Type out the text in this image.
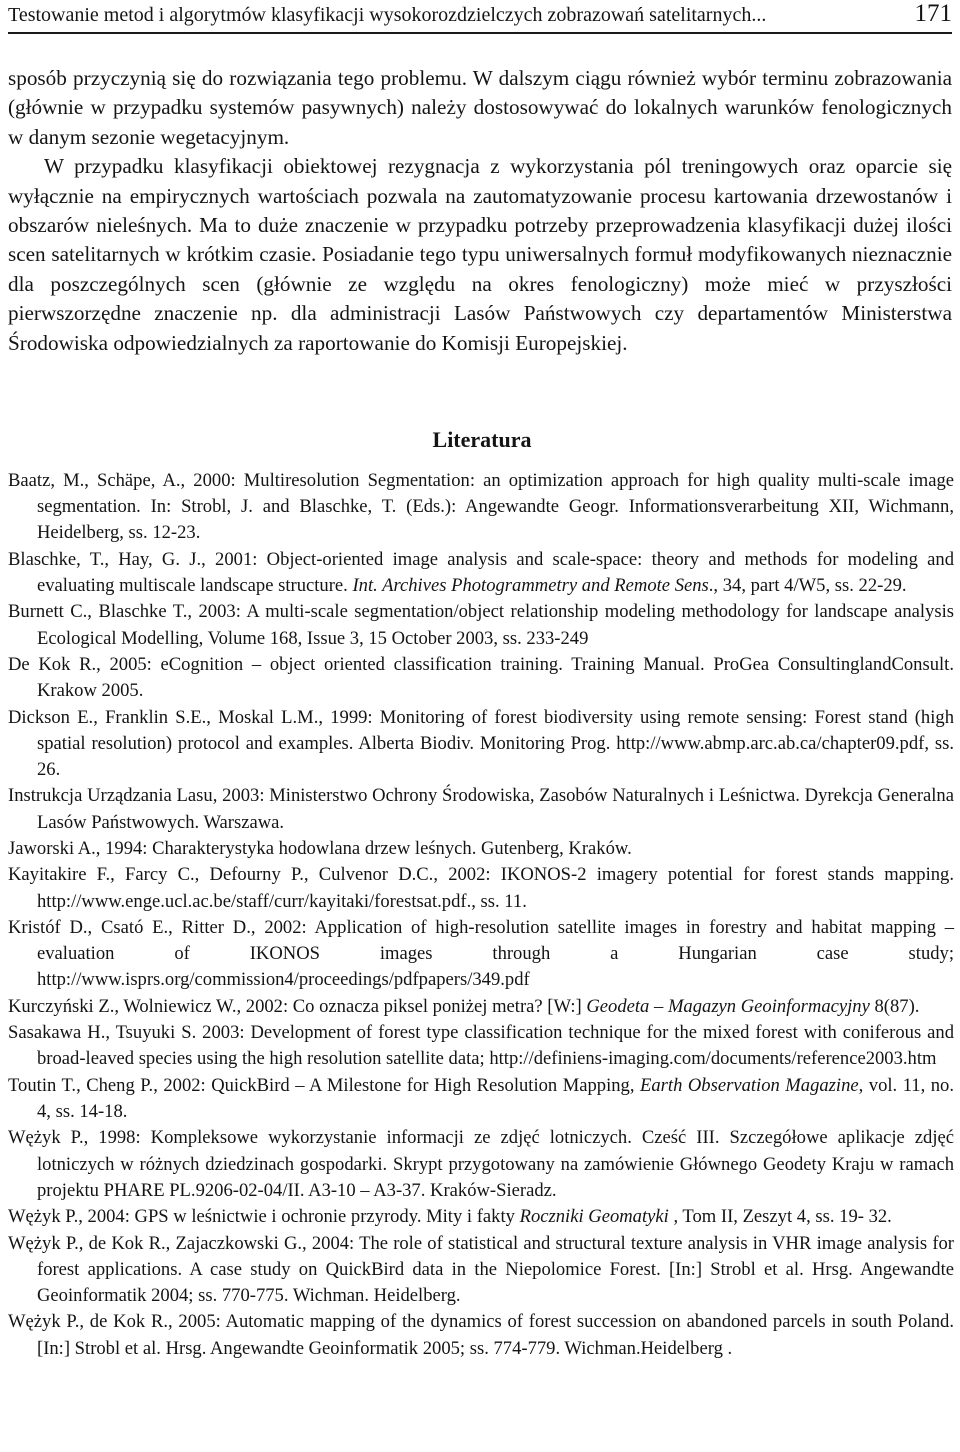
Testowanie metod i algorytmów klasyfikacji wysokorozdzielczych zobrazowań satelitarnych...	171

sposób przyczynią się do rozwiązania tego problemu. W dalszym ciągu również wybór terminu zobrazowania (głównie w przypadku systemów pasywnych) należy dostosowywać do lokalnych warunków fenologicznych w danym sezonie wegetacyjnym.

W przypadku klasyfikacji obiektowej rezygnacja z wykorzystania pól treningowych oraz oparcie się wyłącznie na empirycznych wartościach pozwala na zautomatyzowanie procesu kartowania drzewostanów i obszarów nieleśnych. Ma to duże znaczenie w przypadku potrzeby przeprowadzenia klasyfikacji dużej ilości scen satelitarnych w krótkim czasie. Posiadanie tego typu uniwersalnych formuł modyfikowanych nieznacznie dla poszczególnych scen (głównie ze względu na okres fenologiczny) może mieć w przyszłości pierwszorzędne znaczenie np. dla administracji Lasów Państwowych czy departamentów Ministerstwa Środowiska odpowiedzialnych za raportowanie do Komisji Europejskiej.

Literatura
Baatz, M., Schäpe, A., 2000: Multiresolution Segmentation: an optimization approach for high quality multi-scale image segmentation. In: Strobl, J. and Blaschke, T. (Eds.): Angewandte Geogr. Informationsverarbeitung XII, Wichmann, Heidelberg, ss. 12-23.
Blaschke, T., Hay, G. J., 2001: Object-oriented image analysis and scale-space: theory and methods for modeling and evaluating multiscale landscape structure. Int. Archives Photogrammetry and Remote Sens., 34, part 4/W5, ss. 22-29.
Burnett C., Blaschke T., 2003: A multi-scale segmentation/object relationship modeling methodology for landscape analysis Ecological Modelling, Volume 168, Issue 3, 15 October 2003, ss. 233-249
De Kok R., 2005: eCognition – object oriented classification training. Training Manual. ProGea ConsultinglandConsult. Krakow 2005.
Dickson E., Franklin S.E., Moskal L.M., 1999: Monitoring of forest biodiversity using remote sensing: Forest stand (high spatial resolution) protocol and examples. Alberta Biodiv. Monitoring Prog. http://www.abmp.arc.ab.ca/chapter09.pdf, ss. 26.
Instrukcja Urządzania Lasu, 2003: Ministerstwo Ochrony Środowiska, Zasobów Naturalnych i Leśnictwa. Dyrekcja Generalna Lasów Państwowych. Warszawa.
Jaworski A., 1994: Charakterystyka hodowlana drzew leśnych. Gutenberg, Kraków.
Kayitakire F., Farcy C., Defourny P., Culvenor D.C., 2002: IKONOS-2 imagery potential for forest stands mapping. http://www.enge.ucl.ac.be/staff/curr/kayitaki/forestsat.pdf., ss. 11.
Kristóf D., Csató E., Ritter D., 2002: Application of high-resolution satellite images in forestry and habitat mapping – evaluation of IKONOS images through a Hungarian case study; http://www.isprs.org/commission4/proceedings/pdfpapers/349.pdf
Kurczyński Z., Wolniewicz W., 2002: Co oznacza piksel poniżej metra? [W:] Geodeta – Magazyn Geoinformacyjny 8(87).
Sasakawa H., Tsuyuki S. 2003: Development of forest type classification technique for the mixed forest with coniferous and broad-leaved species using the high resolution satellite data; http://definiens-imaging.com/documents/reference2003.htm
Toutin T., Cheng P., 2002: QuickBird – A Milestone for High Resolution Mapping, Earth Observation Magazine, vol. 11, no. 4, ss. 14-18.
Wężyk P., 1998: Kompleksowe wykorzystanie informacji ze zdjęć lotniczych. Cześć III. Szczegółowe aplikacje zdjęć lotniczych w różnych dziedzinach gospodarki. Skrypt przygotowany na zamówienie Głównego Geodety Kraju w ramach projektu PHARE PL.9206-02-04/II. A3-10 – A3-37. Kraków-Sieradz.
Wężyk P., 2004: GPS w leśnictwie i ochronie przyrody. Mity i fakty Roczniki Geomatyki , Tom II, Zeszyt 4, ss. 19- 32.
Wężyk P., de Kok R., Zajaczkowski G., 2004: The role of statistical and structural texture analysis in VHR image analysis for forest applications. A case study on QuickBird data in the Niepolomice Forest. [In:] Strobl et al. Hrsg. Angewandte Geoinformatik 2004; ss. 770-775. Wichman. Heidelberg.
Wężyk P., de Kok R., 2005: Automatic mapping of the dynamics of forest succession on abandoned parcels in south Poland. [In:] Strobl et al. Hrsg. Angewandte Geoinformatik 2005; ss. 774-779. Wichman.Heidelberg .
